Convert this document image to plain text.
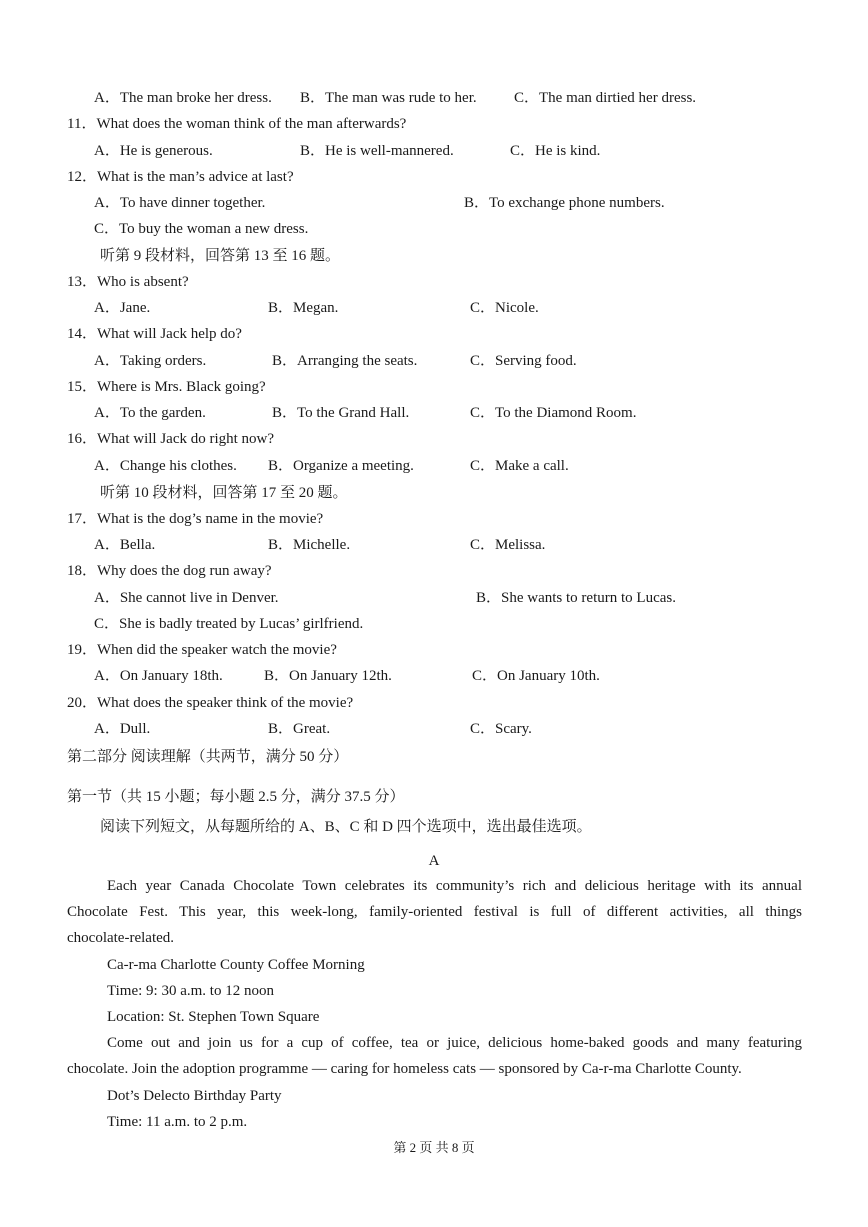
A．The man broke her dress. B．The man was rude to her. C．The man dirtied her dress.
11．What does the woman think of the man afterwards?
A．He is generous.	B．He is well-mannered.	C．He is kind.
12．What is the man’s advice at last?
A．To have dinner together.	B．To exchange phone numbers.
C．To buy the woman a new dress.
听第 9 段材料，回答第 13 至 16 题。
13．Who is absent?
A．Jane.	B．Megan.	C．Nicole.
14．What will Jack help do?
A．Taking orders.	B．Arranging the seats.	C．Serving food.
15．Where is Mrs. Black going?
A．To the garden.	B．To the Grand Hall.	C．To the Diamond Room.
16．What will Jack do right now?
A．Change his clothes. B．Organize a meeting.	C．Make a call.
听第 10 段材料，回答第 17 至 20 题。
17．What is the dog’s name in the movie?
A．Bella.	B．Michelle.	C．Melissa.
18．Why does the dog run away?
A．She cannot live in Denver.	B．She wants to return to Lucas.
C．She is badly treated by Lucas’ girlfriend.
19．When did the speaker watch the movie?
A．On January 18th.	B．On January 12th.	C．On January 10th.
20．What does the speaker think of the movie?
A．Dull.	B．Great.	C．Scary.
第二部分 阅读理解（共两节，满分 50 分）
第一节（共 15 小题；每小题 2.5 分，满分 37.5 分）
阅读下列短文，从每题所给的 A、B、C 和 D 四个选项中，选出最佳选项。
A
Each year Canada Chocolate Town celebrates its community’s rich and delicious heritage with its annual
Chocolate Fest. This year, this week-long, family-oriented festival is full of different activities, all things
chocolate-related.
Ca-r-ma Charlotte County Coffee Morning
Time: 9: 30 a.m. to 12 noon
Location: St. Stephen Town Square
Come out and join us for a cup of coffee, tea or juice, delicious home-baked goods and many featuring
chocolate. Join the adoption programme — caring for homeless cats — sponsored by Ca-r-ma Charlotte County.
Dot’s Delecto Birthday Party
Time: 11 a.m. to 2 p.m.
第 2 页 共 8 页
